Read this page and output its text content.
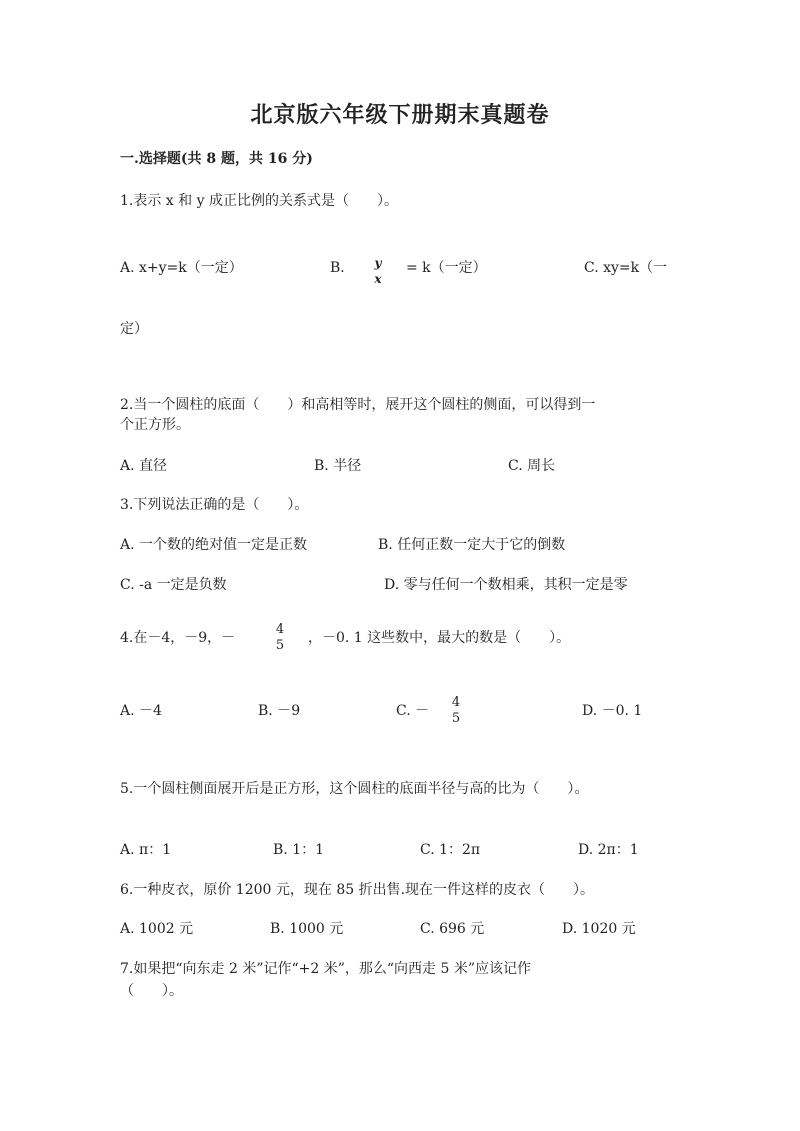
北京版六年级下册期末真题卷
一.选择题(共 8 题，共 16 分)
1.表示 x 和 y 成正比例的关系式是（　　）。
A. x+y=k（一定）	B.	y
x
= k（一定）	C. xy=k（一
定）
2.当一个圆柱的底面（　　）和高相等时，展开这个圆柱的侧面，可以得到一
个正方形。
A. 直径	B. 半径	C. 周长
3.下列说法正确的是（　　）。
A. 一个数的绝对值一定是正数	B. 任何正数一定大于它的倒数
C. -a 一定是负数	D. 零与任何一个数相乘，其积一定是零
4.在－4，－9，－
4
5	，－0. 1 这些数中，最大的数是（　　）。
A. －4	B. －9	C. －
4
5	D. －0. 1
5.一个圆柱侧面展开后是正方形，这个圆柱的底面半径与高的比为（　　）。
A. π：1	B. 1：1	C. 1：2π	D. 2π：1
6.一种皮衣，原价 1200 元，现在 85 折出售.现在一件这样的皮衣（　　）。
A. 1002 元	B. 1000 元	C. 696 元	D. 1020 元
7.如果把“向东走 2 米”记作“+2 米”，那么“向西走 5 米”应该记作
（　　）。
